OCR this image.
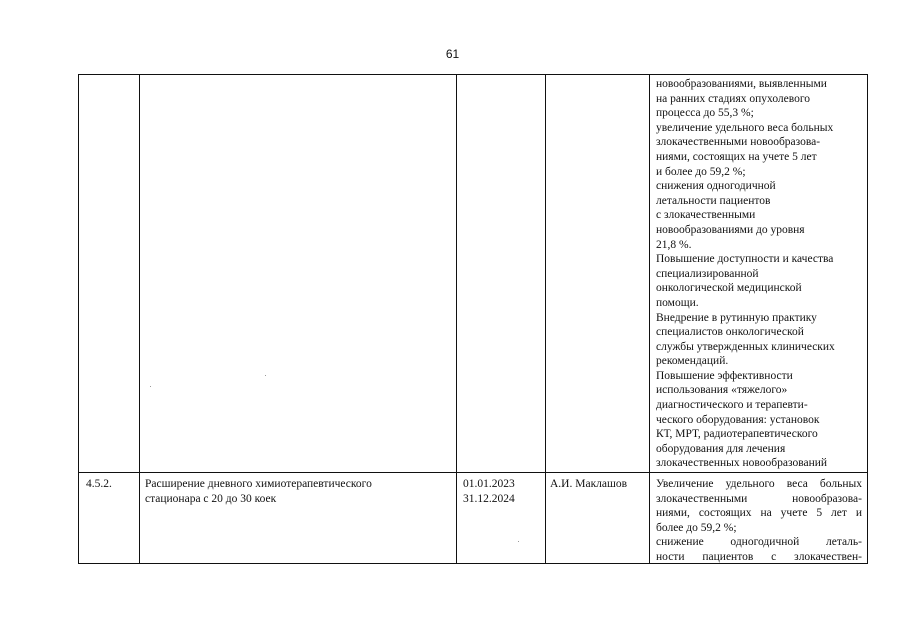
61
новообразованиями, выявленными
на ранних стадиях опухолевого
процесса до 55,3 %;
увеличение удельного веса больных
злокачественными новообразова-
ниями, состоящих на учете 5 лет
и более до 59,2 %;
снижения одногодичной
летальности пациентов
с злокачественными
новообразованиями до уровня
21,8 %.
Повышение доступности и качества
специализированной
онкологической медицинской
помощи.
Внедрение в рутинную практику
специалистов онкологической
службы утвержденных клинических
рекомендаций.
Повышение эффективности
использования «тяжелого»
диагностического и терапевти-
ческого оборудования: установок
КТ, МРТ, радиотерапевтического
оборудования для лечения
злокачественных новообразований
4.5.2.	Расширение дневного химиотерапевтического
стационара с 20 до 30 коек
01.01.2023
31.12.2024
А.И. Маклашов	Увеличение удельного веса больных
злокачественными новообразова-
ниями, состоящих на учете 5 лет и
более до 59,2 %;
снижение одногодичной леталь-
ности пациентов с злокачествен-
